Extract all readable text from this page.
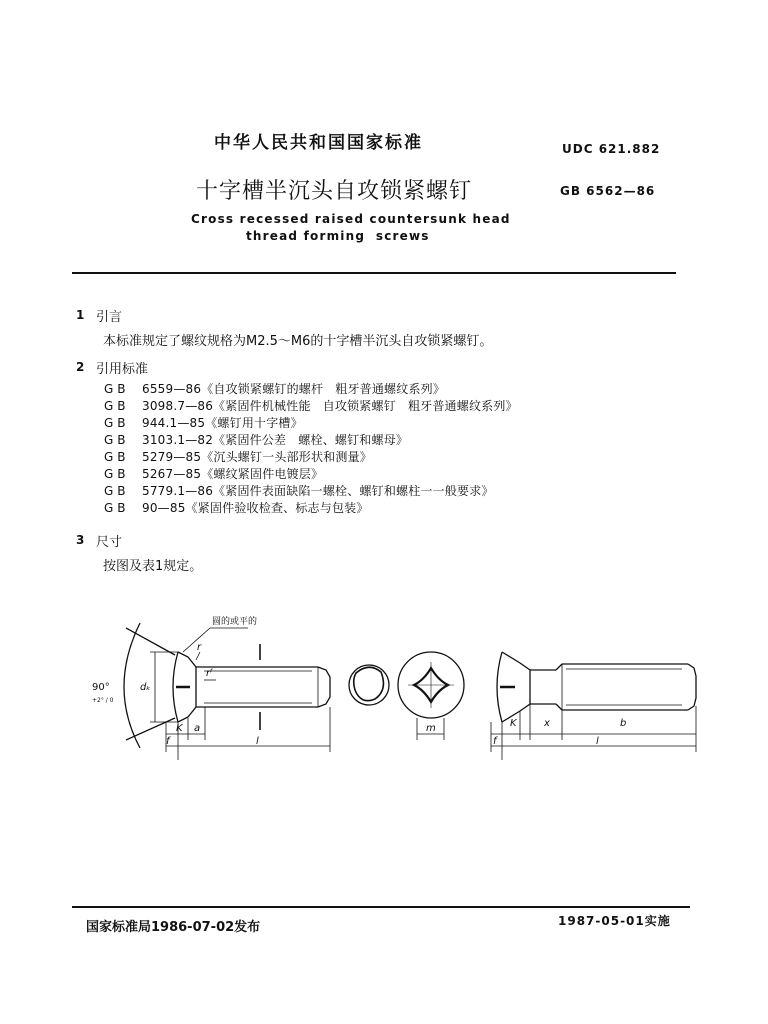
中华人民共和国国家标准	UDC 621.882
十字槽半沉头自攻锁紧螺钉	GB 6562—86
Cross recessed raised countersunk head
thread forming  screws
1 引言
本标准规定了螺纹规格为M2.5～M6的十字槽半沉头自攻锁紧螺钉。
2 引用标准
GB 6559—86《自攻锁紧螺钉的螺杆   粗牙普通螺纹系列》
GB 3098.7—86《紧固件机械性能   自攻锁紧螺钉   粗牙普通螺纹系列》
GB 944.1—85《螺钉用十字槽》
GB 3103.1—82《紧固件公差   螺栓、螺钉和螺母》
GB 5279—85《沉头螺钉一头部形状和测量》
GB 5267—85《螺纹紧固件电镀层》
GB 5779.1—86《紧固件表面缺陷一螺栓、螺钉和螺柱一一般要求》
GB 90—85《紧固件验收检查、标志与包装》
3 尺寸
按图及表1规定。
圆的或平的
90°
+2° / 0
dₖ
r
rᶠ
K a
l
f
m	K	x	b
f	l
国家标准局1986-07-02发布	1987-05-01实施
